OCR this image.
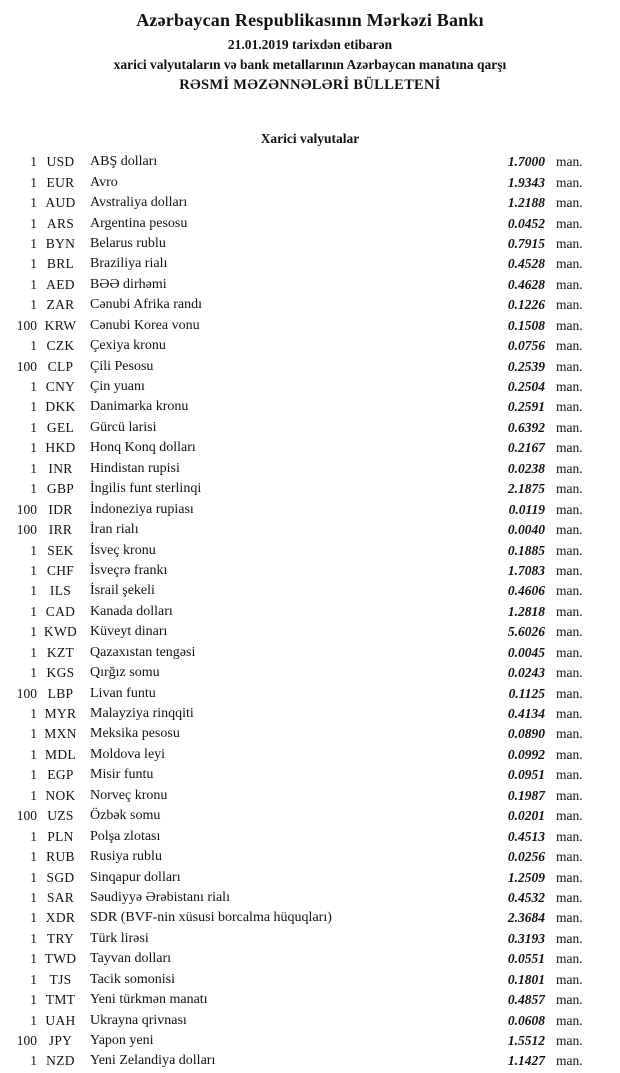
Azərbaycan Respublikasının Mərkəzi Bankı
21.01.2019 tarixdən etibarən
xarici valyutaların və bank metallarının Azərbaycan manatına qarşı
RƏSMİ MƏZƏNNƏLƏRİ BÜLLETENİ
Xarici valyutalar
1 USD	ABŞ dolları	1.7000 man.
1 EUR	Avro	1.9343 man.
1 AUD	Avstraliya dolları	1.2188 man.
1 ARS	Argentina pesosu	0.0452 man.
1 BYN	Belarus rublu	0.7915 man.
1 BRL	Braziliya rialı	0.4528 man.
1 AED	BƏƏ dirhəmi	0.4628 man.
1 ZAR	Cənubi Afrika randı	0.1226 man.
100 KRW Cənubi Korea vonu	0.1508 man.
1 CZK	Çexiya kronu	0.0756 man.
100 CLP	Çili Pesosu	0.2539 man.
1 CNY	Çin yuanı	0.2504 man.
1 DKK	Danimarka kronu	0.2591 man.
1 GEL	Gürcü larisi	0.6392 man.
1 HKD	Honq Konq dolları	0.2167 man.
1 INR	Hindistan rupisi	0.0238 man.
1 GBP	İngilis funt sterlinqi	2.1875 man.
100 IDR	İndoneziya rupiası	0.0119 man.
100 IRR	İran rialı	0.0040 man.
1 SEK	İsveç kronu	0.1885 man.
1 CHF	İsveçrə frankı	1.7083 man.
1 ILS	İsrail şekeli	0.4606 man.
1 CAD	Kanada dolları	1.2818 man.
1 KWD Küveyt dinarı	5.6026 man.
1 KZT	Qazaxıstan tengəsi	0.0045 man.
1 KGS	Qırğız somu	0.0243 man.
100 LBP	Livan funtu	0.1125 man.
1 MYR Malayziya rinqqiti	0.4134 man.
1 MXN Meksika pesosu	0.0890 man.
1 MDL	Moldova leyi	0.0992 man.
1 EGP	Misir funtu	0.0951 man.
1 NOK	Norveç kronu	0.1987 man.
100 UZS	Özbək somu	0.0201 man.
1 PLN	Polşa zlotası	0.4513 man.
1 RUB	Rusiya rublu	0.0256 man.
1 SGD	Sinqapur dolları	1.2509 man.
1 SAR	Səudiyyə Ərəbistanı rialı	0.4532 man.
1 XDR	SDR (BVF-nin xüsusi borcalma hüquqları)	2.3684 man.
1 TRY	Türk lirəsi	0.3193 man.
1 TWD Tayvan dolları	0.0551 man.
1 TJS	Tacik somonisi	0.1801 man.
1 TMT	Yeni türkmən manatı	0.4857 man.
1 UAH	Ukrayna qrivnası	0.0608 man.
100 JPY	Yapon yeni	1.5512 man.
1 NZD	Yeni Zelandiya dolları	1.1427 man.
